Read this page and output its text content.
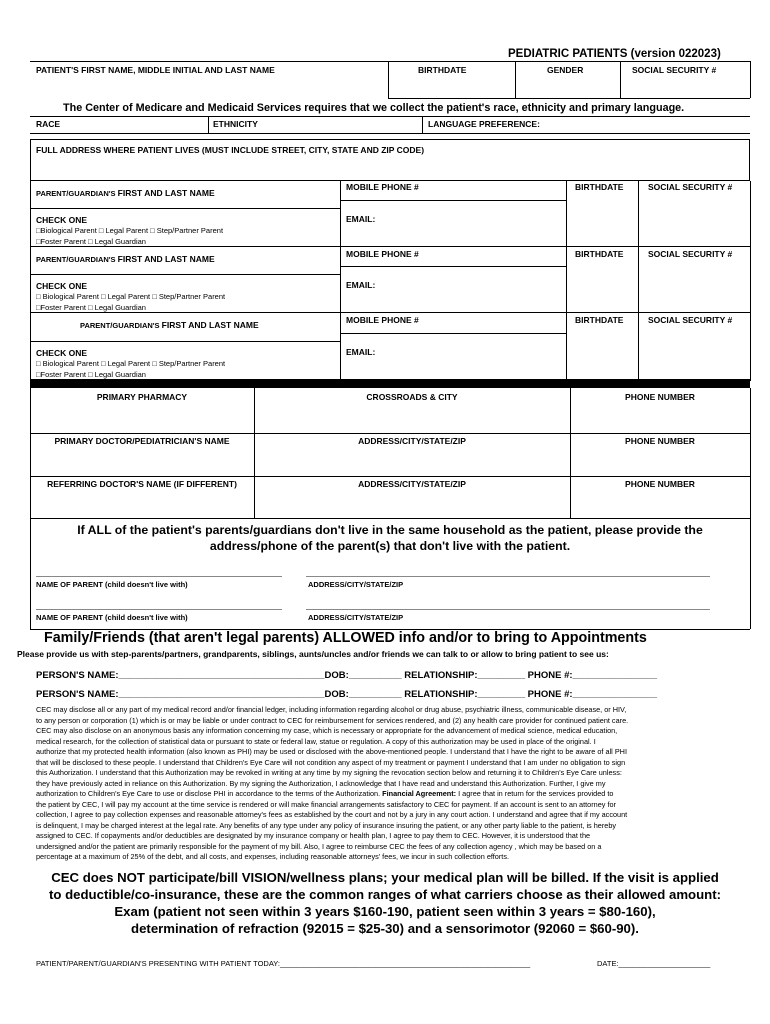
PEDIATRIC PATIENTS (version 022023)
PATIENT'S FIRST NAME, MIDDLE INITIAL AND LAST NAME	BIRTHDATE	GENDER	SOCIAL SECURITY #
The Center of Medicare and Medicaid Services requires that we collect the patient's race, ethnicity and primary language.
RACE	ETHNICITY	LANGUAGE PREFERENCE:
FULL ADDRESS WHERE PATIENT LIVES (MUST INCLUDE STREET, CITY, STATE AND ZIP CODE)
PARENT/GUARDIAN'S FIRST AND LAST NAME
MOBILE PHONE #	BIRTHDATE	SOCIAL SECURITY #
EMAIL:
CHECK ONE
□Biological Parent □ Legal Parent □ Step/Partner Parent
□Foster Parent □ Legal Guardian
PARENT/GUARDIAN'S FIRST AND LAST NAME	MOBILE PHONE #	BIRTHDATE	SOCIAL SECURITY #
EMAIL:
CHECK ONE
□ Biological Parent □ Legal Parent □ Step/Partner Parent
□Foster Parent □ Legal Guardian
PARENT/GUARDIAN'S FIRST AND LAST NAME	MOBILE PHONE #	BIRTHDATE	SOCIAL SECURITY #
EMAIL:
CHECK ONE
□ Biological Parent □ Legal Parent □ Step/Partner Parent
□Foster Parent □ Legal Guardian
PRIMARY PHARMACY	CROSSROADS & CITY	PHONE NUMBER
PRIMARY DOCTOR/PEDIATRICIAN'S NAME	ADDRESS/CITY/STATE/ZIP	PHONE NUMBER
REFERRING DOCTOR'S NAME (IF DIFFERENT)	ADDRESS/CITY/STATE/ZIP	PHONE NUMBER
If ALL of the patient's parents/guardians don't live in the same household as the patient, please provide the
address/phone of the parent(s) that don't live with the patient.
NAME OF PARENT (child doesn't live with)	ADDRESS/CITY/STATE/ZIP
NAME OF PARENT (child doesn't live with)	ADDRESS/CITY/STATE/ZIP
Family/Friends (that aren't legal parents) ALLOWED info and/or to bring to Appointments
Please provide us with step-parents/partners, grandparents, siblings, aunts/uncles and/or friends we can talk to or allow to bring patient to see us:
PERSON'S NAME:_______________________________________DOB:__________ RELATIONSHIP:_________ PHONE #:________________
PERSON'S NAME:_______________________________________DOB:__________ RELATIONSHIP:_________ PHONE #:________________
CEC may disclose all or any part of my medical record and/or financial ledger, including information regarding alcohol or drug abuse, psychiatric illness, communicable disease, or HIV,
to any person or corporation (1) which is or may be liable or under contract to CEC for reimbursement for services rendered, and (2) any health care provider for continued patient care.
CEC may also disclose on an anonymous basis any information concerning my case, which is necessary or appropriate for the advancement of medical science, medical education,
medical research, for the collection of statistical data or pursuant to state or federal law, statue or regulation. A copy of this authorization may be used in place of the original. I
authorize that my protected health information (also known as PHI) may be used or disclosed with the above-mentioned people. I understand that I have the right to be aware of all PHI
that will be disclosed to these people. I understand that Children's Eye Care will not condition any aspect of my treatment or payment I understand that I am under no obligation to sign
this Authorization. I understand that this Authorization may be revoked in writing at any time by my signing the revocation section below and returning it to Children's Eye Care unless:
they have previously acted in reliance on this Authorization. By my signing the Authorization, I acknowledge that I have read and understand this Authorization. Further, I give my
authorization to Children's Eye Care to use or disclose PHI in accordance to the terms of the Authorization. Financial Agreement: I agree that in return for the services provided to
the patient by CEC, I will pay my account at the time service is rendered or will make financial arrangements satisfactory to CEC for payment. If an account is sent to an attorney for
collection, I agree to pay collection expenses and reasonable attorney's fees as established by the court and not by a jury in any court action. I understand and agree that if my account
is delinquent, I may be charged interest at the legal rate. Any benefits of any type under any policy of insurance insuring the patient, or any other party liable to the patient, is hereby
assigned to CEC. If copayments and/or deductibles are designated by my insurance company or health plan, I agree to pay them to CEC. However, it is understood that the
undersigned and/or the patient are primarily responsible for the payment of my bill. Also, I agree to reimburse CEC the fees of any collection agency , which may be based on a
percentage at a maximum of 25% of the debt, and all costs, and expenses, including reasonable attorneys' fees, we incur in such collection efforts.
CEC does NOT participate/bill VISION/wellness plans; your medical plan will be billed. If the visit is applied
to deductible/co-insurance, these are the common ranges of what carriers choose as their allowed amount:
Exam (patient not seen within 3 years $160-190, patient seen within 3 years = $80-160),
determination of refraction (92015 = $25-30) and a sensorimotor (92060 = $60-90).
PATIENT/PARENT/GUARDIAN'S PRESENTING WITH PATIENT TODAY:____________________________________________________________	DATE:______________________
